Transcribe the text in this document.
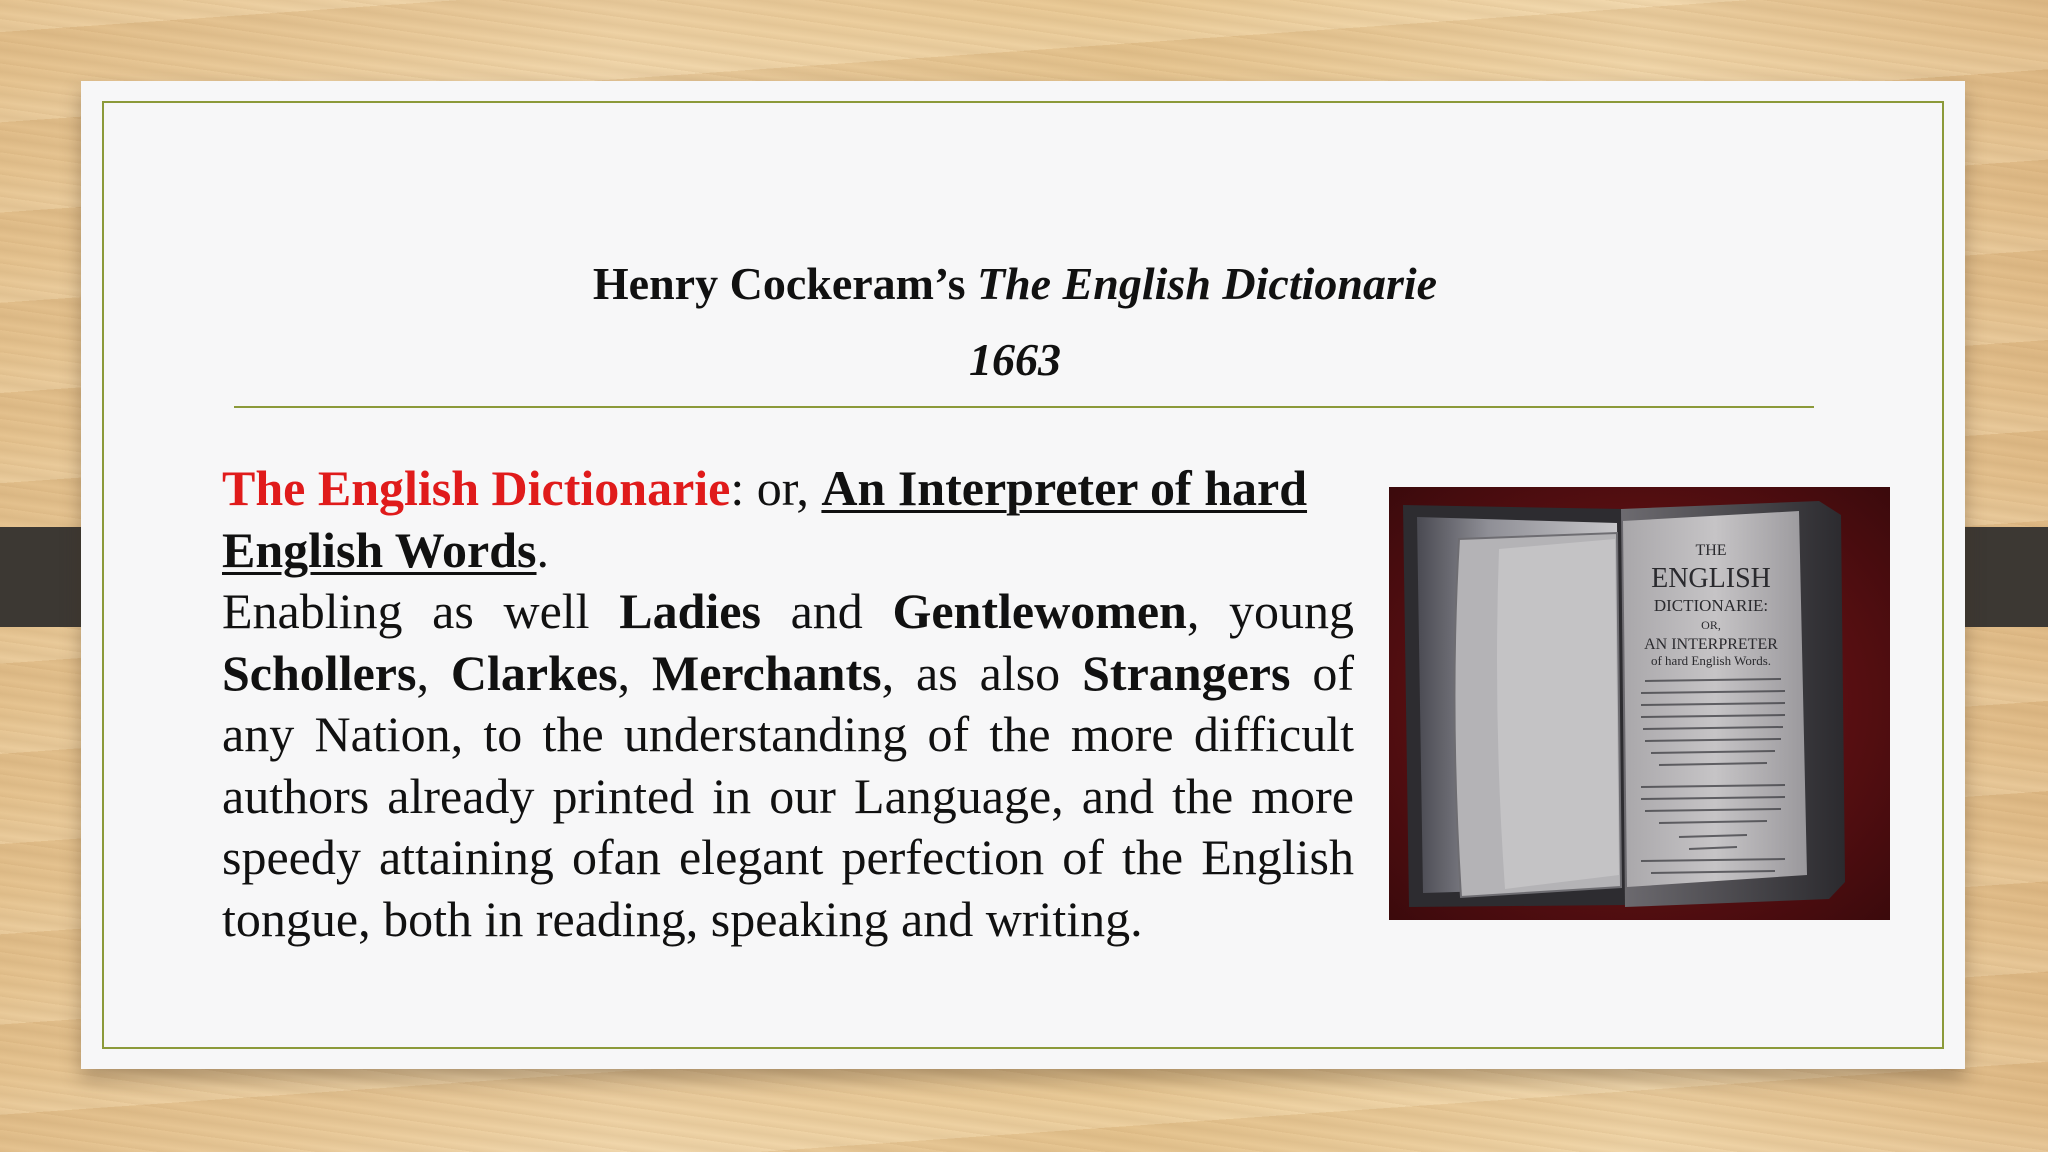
Henry Cockeram’s The English Dictionarie
1663
The English Dictionarie: or, An Interpreter of hard
English Words.
Enabling as well Ladies and Gentlewomen, young Schollers, Clarkes, Merchants, as also Strangers of any Nation, to the understanding of the more difficult authors already printed in our Language, and the more speedy attaining ofan elegant perfection of the English tongue, both in reading, speaking and writing.
THE
ENGLISH
DICTIONARIE:
OR,
AN INTERPRETER
of hard English Words.
